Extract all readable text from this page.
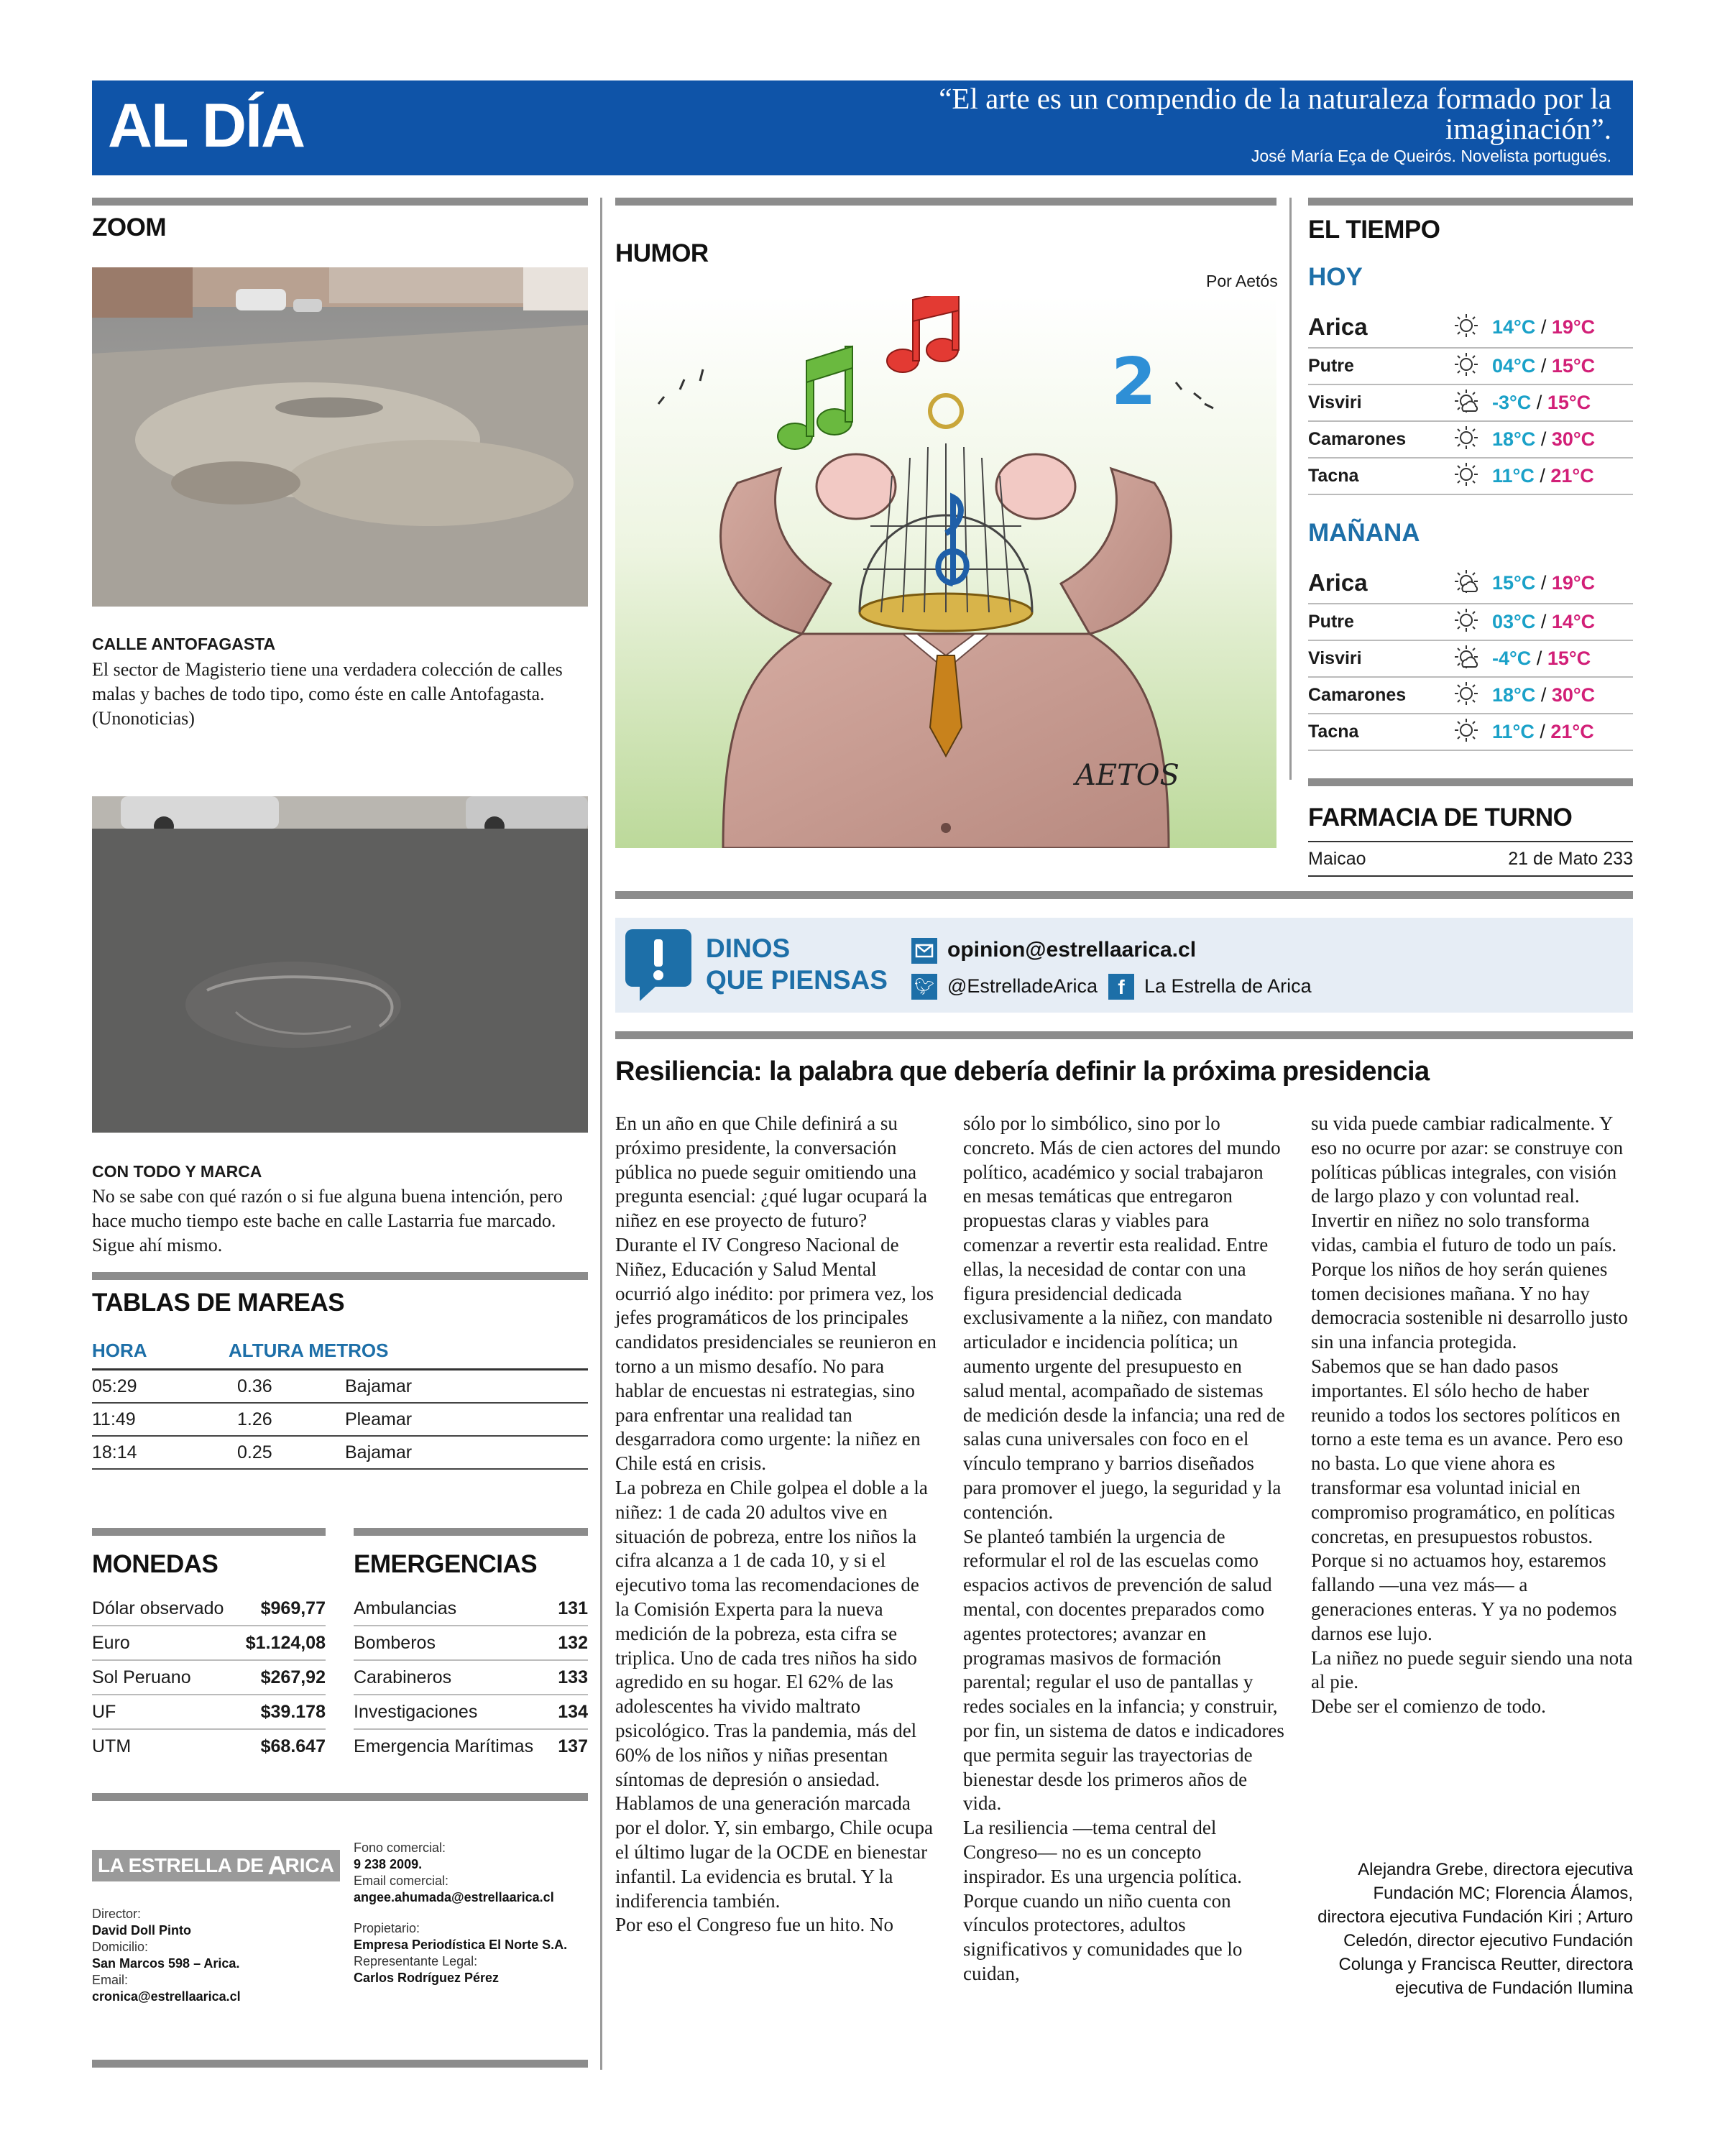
AL DÍA	“El arte es un compendio de la naturaleza formado por la imaginación”.
José María Eça de Queirós. Novelista portugués.
ZOOM
CALLE ANTOFAGASTA
El sector de Magisterio tiene una verdadera colección de calles malas y baches de todo tipo, como éste en calle Antofagasta. (Unonoticias)
CON TODO Y MARCA
No se sabe con qué razón o si fue alguna buena intención, pero hace mucho tiempo este bache en calle Lastarria fue marcado. Sigue ahí mismo.
TABLAS DE MAREAS
HORA	ALTURA METROS
05:29	0.36	Bajamar
11:49	1.26	Pleamar
18:14	0.25	Bajamar
MONEDAS	EMERGENCIAS
Dólar observado $969,77
Euro	$1.124,08
Sol Peruano	$267,92
UF	$39.178
UTM	$68.647
Ambulancias	131
Bomberos	132
Carabineros	133
Investigaciones	134
Emergencia Marítimas 137
LA ESTRELLA DE A
RICA
Director:
David Doll Pinto
Domicilio:
San Marcos 598 – Arica.
Email:
cronica@estrellaarica.cl
Fono comercial:
9 238 2009.
Email comercial:
angee.ahumada@estrellaarica.cl
Propietario:
Empresa Periodística El Norte S.A.
Representante Legal:
Carlos Rodríguez Pérez
HUMOR
Por Aetós
2
AETOS
EL TIEMPO
HOY
Arica	14°C / 19°C
Putre	04°C / 15°C
Visviri	-3°C / 15°C
Camarones	18°C / 30°C
Tacna	11°C / 21°C
MAÑANA
Arica	15°C / 19°C
Putre	03°C / 14°C
Visviri	-4°C / 15°C
Camarones	18°C / 30°C
Tacna	11°C / 21°C
FARMACIA DE TURNO
Maicao	21 de Mato 233
DINOS
QUE PIENSAS
opinion@estrellaarica.cl
🐦︎ @EstrelladeArica	f	La Estrella de Arica
Resiliencia: la palabra que debería definir la próxima presidencia

En un año en que Chile definirá a su próximo presidente, la conversación pública no puede seguir omitiendo una pregunta esencial: ¿qué lugar ocupará la niñez en ese proyecto de futuro?

Durante el IV Congreso Nacional de Niñez, Educación y Salud Mental ocurrió algo inédito: por primera vez, los jefes programáticos de los principales candidatos presidenciales se reunieron en torno a un mismo desafío. No para hablar de encuestas ni estrategias, sino para enfrentar una realidad tan desgarradora como urgente: la niñez en Chile está en crisis.

La pobreza en Chile golpea el doble a la niñez: 1 de cada 20 adultos vive en situación de pobreza, entre los niños la cifra alcanza a 1 de cada 10, y si el ejecutivo toma las recomendaciones de la Comisión Experta para la nueva medición de la pobreza, esta cifra se triplica. Uno de cada tres niños ha sido agredido en su hogar. El 62% de las adolescentes ha vivido maltrato psicológico. Tras la pandemia, más del 60% de los niños y niñas presentan síntomas de depresión o ansiedad. Hablamos de una generación marcada por el dolor. Y, sin embargo, Chile ocupa el último lugar de la OCDE en bienestar infantil. La evidencia es brutal. Y la indiferencia también.

Por eso el Congreso fue un hito. No

sólo por lo simbólico, sino por lo concreto. Más de cien actores del mundo político, académico y social trabajaron en mesas temáticas que entregaron propuestas claras y viables para comenzar a revertir esta realidad. Entre ellas, la necesidad de contar con una figura presidencial dedicada exclusivamente a la niñez, con mandato articulador e incidencia política; un aumento urgente del presupuesto en salud mental, acompañado de sistemas de medición desde la infancia; una red de salas cuna universales con foco en el vínculo temprano y barrios diseñados para promover el juego, la seguridad y la contención.

Se planteó también la urgencia de reformular el rol de las escuelas como espacios activos de prevención de salud mental, con docentes preparados como agentes protectores; avanzar en programas masivos de formación parental; regular el uso de pantallas y redes sociales en la infancia; y construir, por fin, un sistema de datos e indicadores que permita seguir las trayectorias de bienestar desde los primeros años de vida.

La resiliencia —tema central del Congreso— no es un concepto inspirador. Es una urgencia política. Porque cuando un niño cuenta con vínculos protectores, adultos significativos y comunidades que lo cuidan,

su vida puede cambiar radicalmente. Y eso no ocurre por azar: se construye con políticas públicas integrales, con visión de largo plazo y con voluntad real.

Invertir en niñez no solo transforma vidas, cambia el futuro de todo un país. Porque los niños de hoy serán quienes tomen decisiones mañana. Y no hay democracia sostenible ni desarrollo justo sin una infancia protegida.

Sabemos que se han dado pasos importantes. El sólo hecho de haber reunido a todos los sectores políticos en torno a este tema es un avance. Pero eso no basta. Lo que viene ahora es transformar esa voluntad inicial en compromiso programático, en políticas concretas, en presupuestos robustos. Porque si no actuamos hoy, estaremos fallando —una vez más— a generaciones enteras. Y ya no podemos darnos ese lujo.

La niñez no puede seguir siendo una nota al pie.

Debe ser el comienzo de todo.

Alejandra Grebe, directora ejecutiva Fundación MC; Florencia Álamos, directora ejecutiva Fundación Kiri ; Arturo Celedón, director ejecutivo Fundación Colunga y Francisca Reutter, directora ejecutiva de Fundación Ilumina
